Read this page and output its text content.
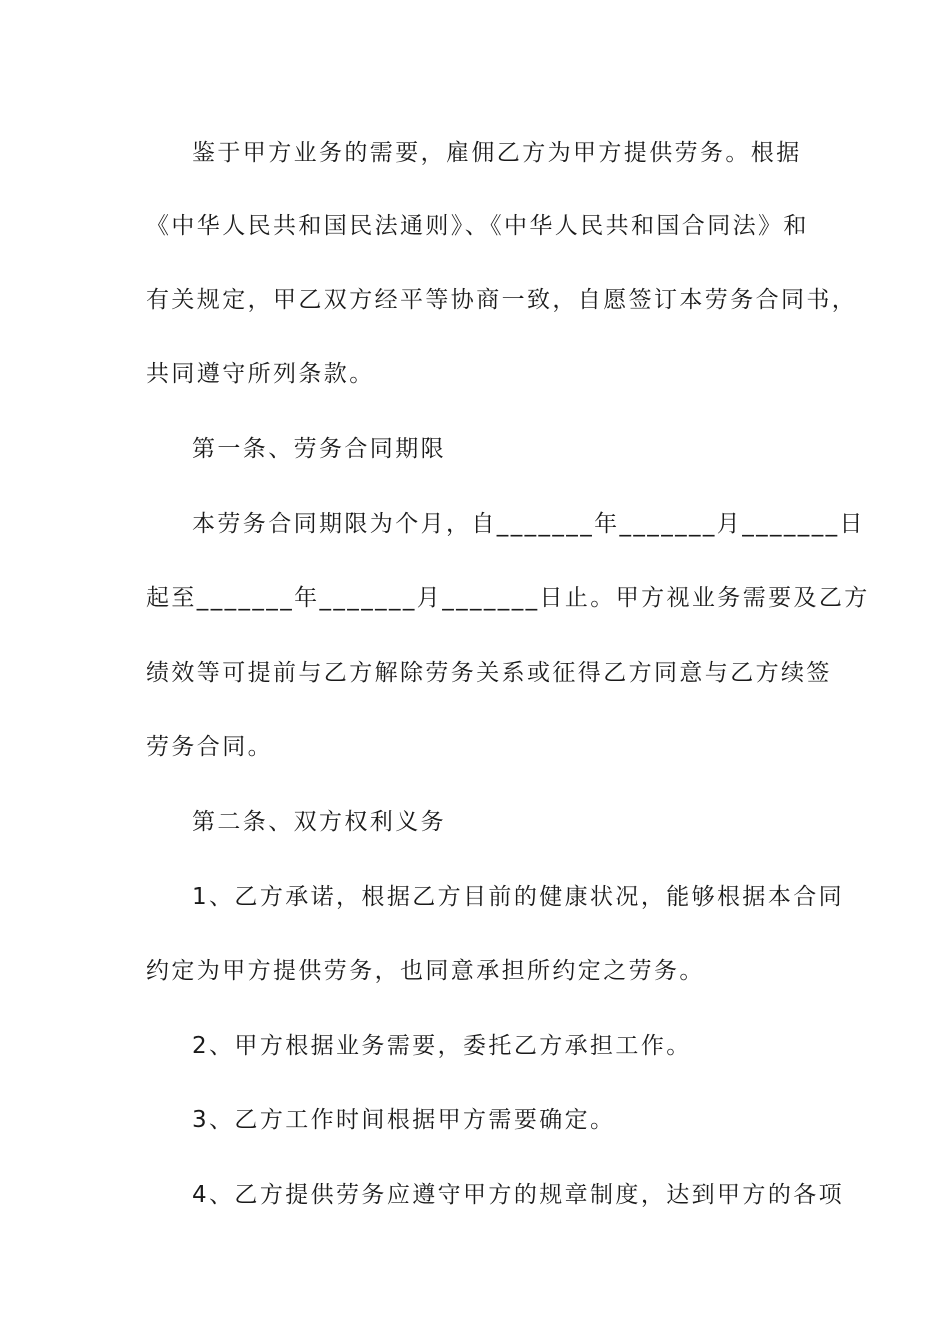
鉴于甲方业务的需要，雇佣乙方为甲方提供劳务。根据
《中华人民共和国民法通则》、《中华人民共和国合同法》和
有关规定，甲乙双方经平等协商一致，自愿签订本劳务合同书，
共同遵守所列条款。
第一条、劳务合同期限
本劳务合同期限为个月，自_______年_______月_______日
起至_______年_______月_______日止。甲方视业务需要及乙方
绩效等可提前与乙方解除劳务关系或征得乙方同意与乙方续签
劳务合同。
第二条、双方权利义务
1、乙方承诺，根据乙方目前的健康状况，能够根据本合同
约定为甲方提供劳务，也同意承担所约定之劳务。
2、甲方根据业务需要，委托乙方承担工作。
3、乙方工作时间根据甲方需要确定。
4、乙方提供劳务应遵守甲方的规章制度，达到甲方的各项
